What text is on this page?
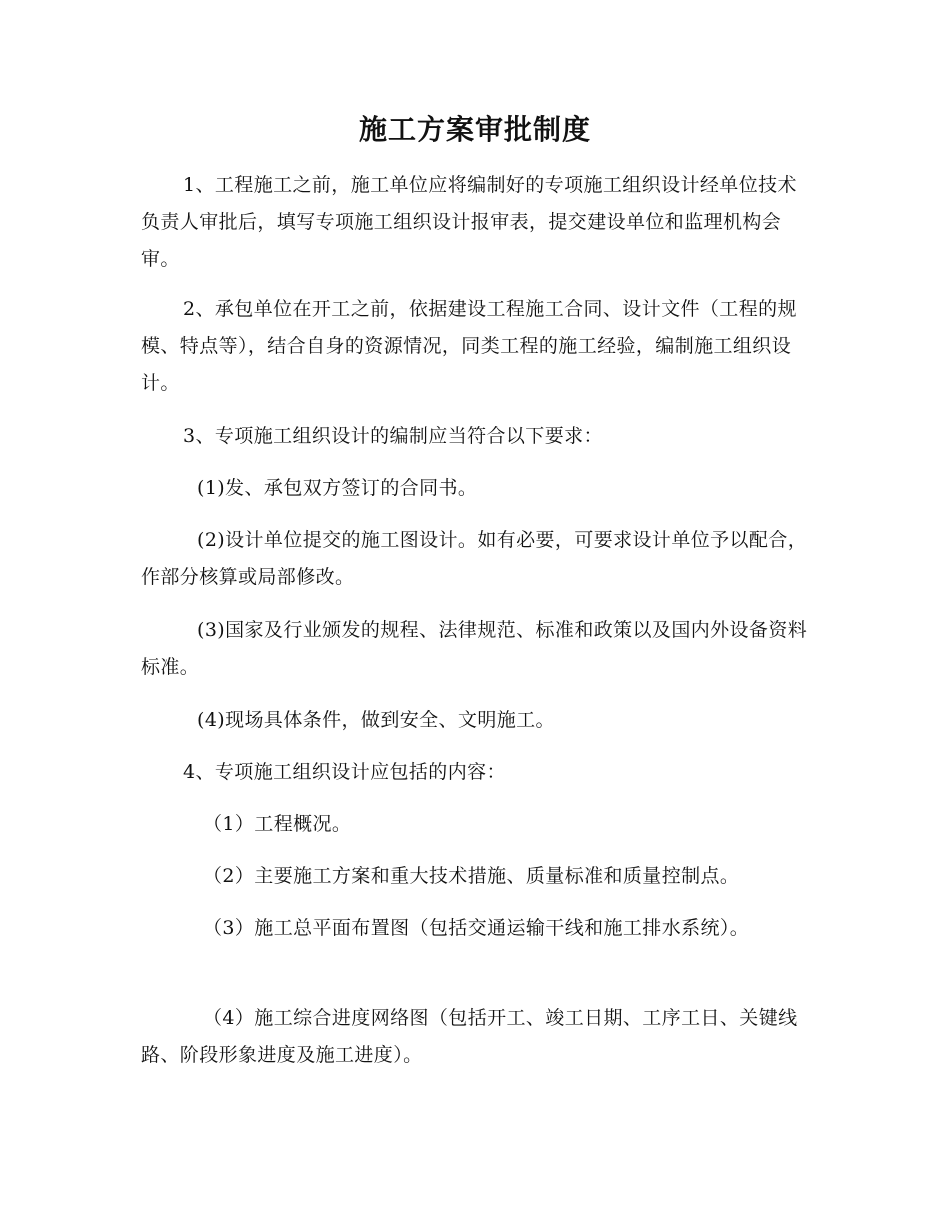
施工方案审批制度

1、工程施工之前，施工单位应将编制好的专项施工组织设计经单位技术负责人审批后，填写专项施工组织设计报审表，提交建设单位和监理机构会审。

2、承包单位在开工之前，依据建设工程施工合同、设计文件（工程的规模、特点等），结合自身的资源情况，同类工程的施工经验，编制施工组织设计。

3、专项施工组织设计的编制应当符合以下要求：

(1)发、承包双方签订的合同书。

(2)设计单位提交的施工图设计。如有必要，可要求设计单位予以配合，作部分核算或局部修改。

(3)国家及行业颁发的规程、法律规范、标准和政策以及国内外设备资料标准。

(4)现场具体条件，做到安全、文明施工。

4、专项施工组织设计应包括的内容：

（1）工程概况。

（2）主要施工方案和重大技术措施、质量标准和质量控制点。

（3）施工总平面布置图（包括交通运输干线和施工排水系统）。

（4）施工综合进度网络图（包括开工、竣工日期、工序工日、关键线路、阶段形象进度及施工进度）。
